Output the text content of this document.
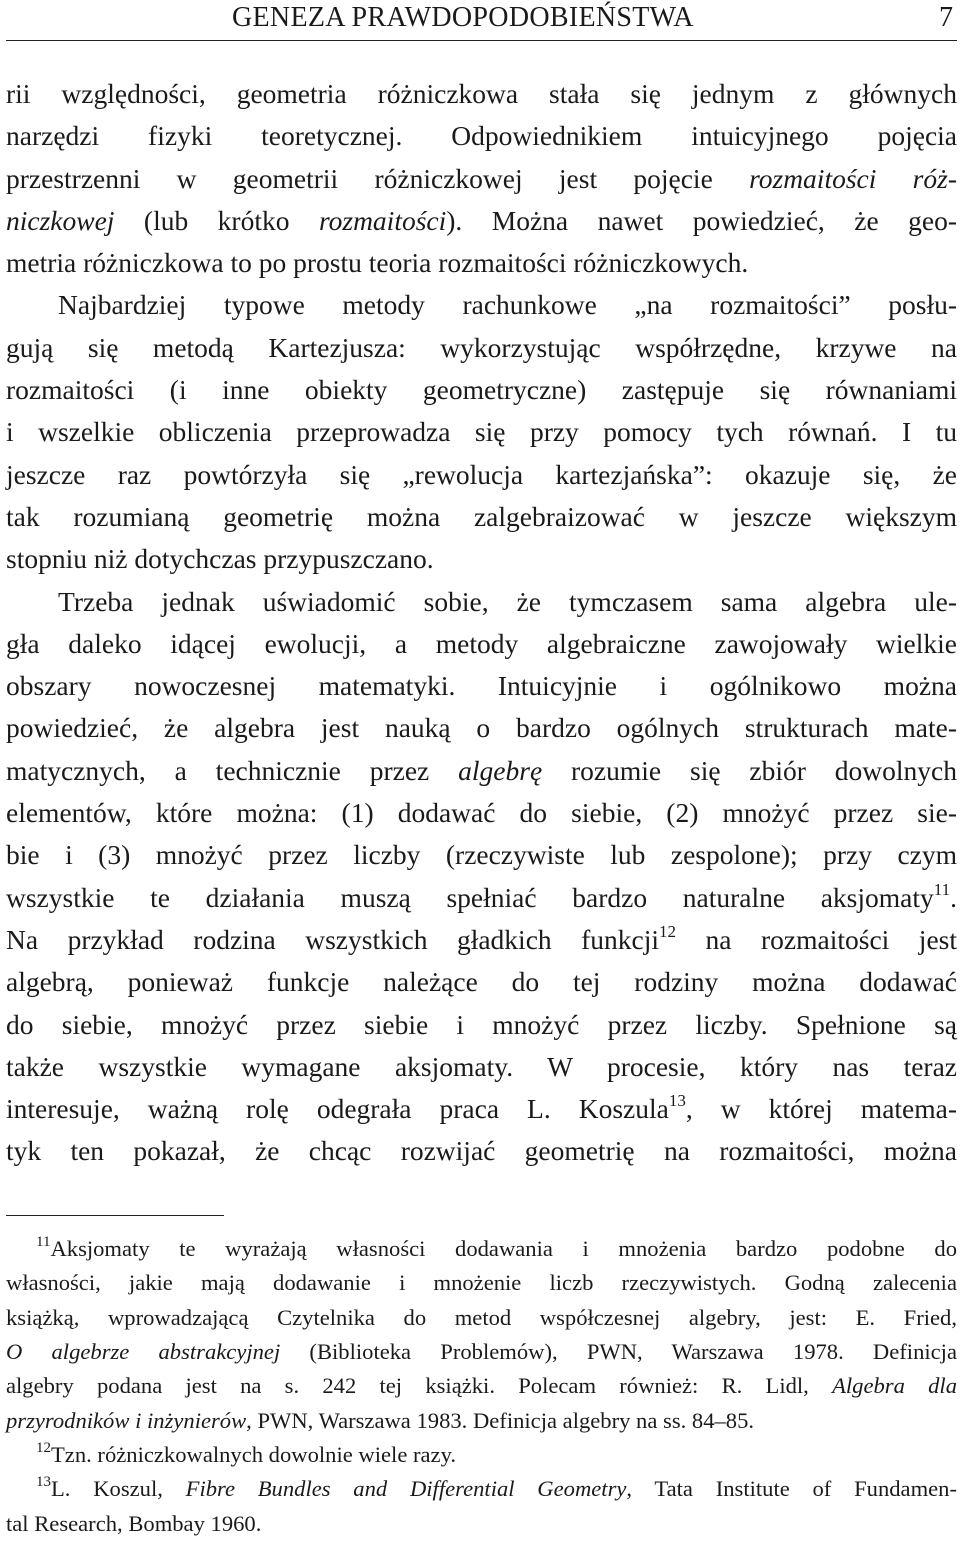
GENEZA PRAWDOPODOBIEŃSTWA	7
rii względności, geometria różniczkowa stała się jednym z głównych
narzędzi fizyki teoretycznej. Odpowiednikiem intuicyjnego pojęcia
przestrzenni w geometrii różniczkowej jest pojęcie rozmaitości róż-
niczkowej (lub krótko rozmaitości). Można nawet powiedzieć, że geo-
metria różniczkowa to po prostu teoria rozmaitości różniczkowych.
Najbardziej typowe metody rachunkowe „na rozmaitości” posłu-
gują się metodą Kartezjusza: wykorzystując współrzędne, krzywe na
rozmaitości (i inne obiekty geometryczne) zastępuje się równaniami
i wszelkie obliczenia przeprowadza się przy pomocy tych równań. I tu
jeszcze raz powtórzyła się „rewolucja kartezjańska”: okazuje się, że
tak rozumianą geometrię można zalgebraizować w jeszcze większym
stopniu niż dotychczas przypuszczano.
Trzeba jednak uświadomić sobie, że tymczasem sama algebra ule-
gła daleko idącej ewolucji, a metody algebraiczne zawojowały wielkie
obszary nowoczesnej matematyki. Intuicyjnie i ogólnikowo można
powiedzieć, że algebra jest nauką o bardzo ogólnych strukturach mate-
matycznych, a technicznie przez algebrę rozumie się zbiór dowolnych
elementów, które można: (1) dodawać do siebie, (2) mnożyć przez sie-
bie i (3) mnożyć przez liczby (rzeczywiste lub zespolone); przy czym
wszystkie te działania muszą spełniać bardzo naturalne aksjomaty$^{11}$.
Na przykład rodzina wszystkich gładkich funkcji$^{12}$ na rozmaitości jest
algebrą, ponieważ funkcje należące do tej rodziny można dodawać
do siebie, mnożyć przez siebie i mnożyć przez liczby. Spełnione są
także wszystkie wymagane aksjomaty. W procesie, który nas teraz
interesuje, ważną rolę odegrała praca L. Koszula$^{13}$, w której matema-
tyk ten pokazał, że chcąc rozwijać geometrię na rozmaitości, można
$^{11}$Aksjomaty te wyrażają własności dodawania i mnożenia bardzo podobne do
własności, jakie mają dodawanie i mnożenie liczb rzeczywistych. Godną zalecenia
książką, wprowadzającą Czytelnika do metod współczesnej algebry, jest: E. Fried,
O algebrze abstrakcyjnej (Biblioteka Problemów), PWN, Warszawa 1978. Definicja
algebry podana jest na s. 242 tej książki. Polecam również: R. Lidl, Algebra dla
przyrodników i inżynierów, PWN, Warszawa 1983. Definicja algebry na ss. 84–85.
$^{12}$Tzn. różniczkowalnych dowolnie wiele razy.
$^{13}$L. Koszul, Fibre Bundles and Differential Geometry, Tata Institute of Fundamen-
tal Research, Bombay 1960.
